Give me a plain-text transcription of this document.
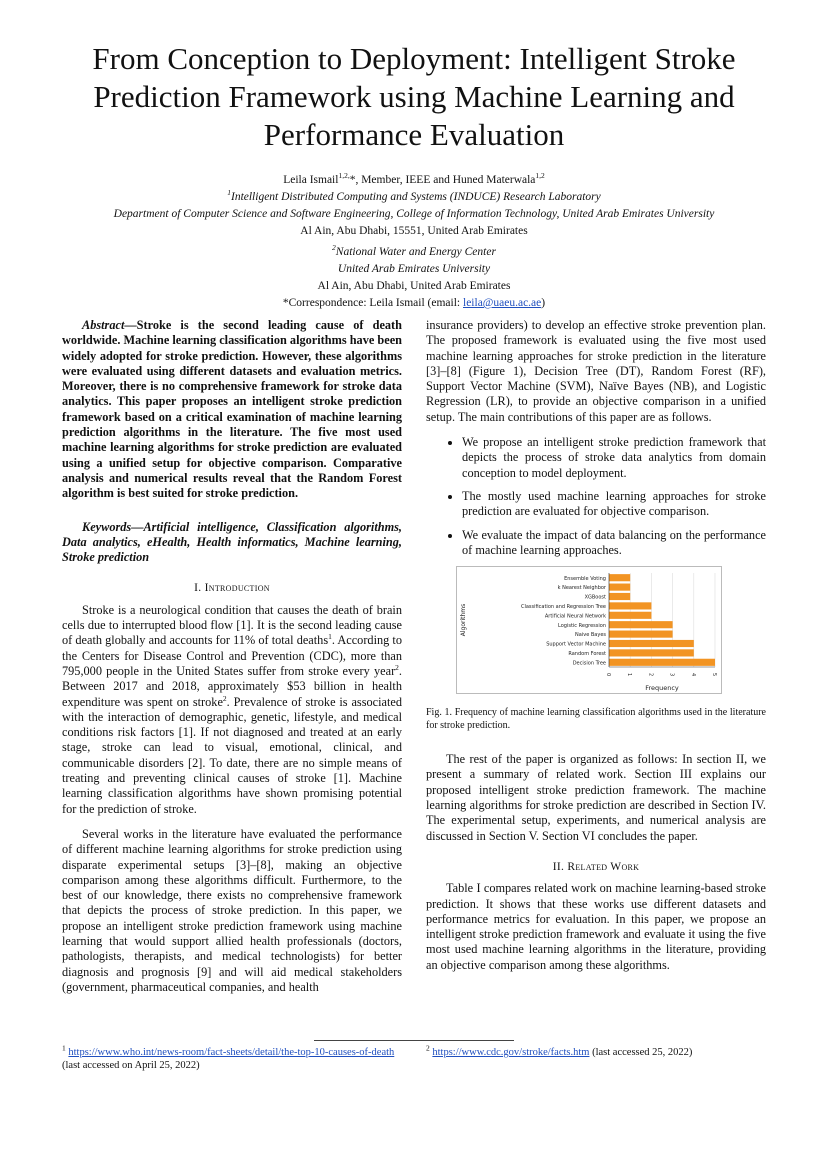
From Conception to Deployment: Intelligent Stroke Prediction Framework using Machine Learning and Performance Evaluation
Leila Ismail$^{1,2,}$*, Member, IEEE and Huned Materwala$^{1,2}$
$^1$Intelligent Distributed Computing and Systems (INDUCE) Research Laboratory
Department of Computer Science and Software Engineering, College of Information Technology, United Arab Emirates University
Al Ain, Abu Dhabi, 15551, United Arab Emirates
$^2$National Water and Energy Center
United Arab Emirates University
Al Ain, Abu Dhabi, United Arab Emirates
*Correspondence: Leila Ismail (email: leila@uaeu.ac.ae)

Abstract—Stroke is the second leading cause of death worldwide. Machine learning classification algorithms have been widely adopted for stroke prediction. However, these algorithms were evaluated using different datasets and evaluation metrics. Moreover, there is no comprehensive framework for stroke data analytics. This paper proposes an intelligent stroke prediction framework based on a critical examination of machine learning prediction algorithms in the literature. The five most used machine learning algorithms for stroke prediction are evaluated using a unified setup for objective comparison. Comparative analysis and numerical results reveal that the Random Forest algorithm is best suited for stroke prediction.

Keywords—Artificial intelligence, Classification algorithms, Data analytics, eHealth, Health informatics, Machine learning, Stroke prediction

I. Introduction

Stroke is a neurological condition that causes the death of brain cells due to interrupted blood flow [1]. It is the second leading cause of death globally and accounts for 11% of total deaths$^1$. According to the Centers for Disease Control and Prevention (CDC), more than 795,000 people in the United States suffer from stroke every year$^2$. Between 2017 and 2018, approximately $53 billion in health expenditure was spent on stroke$^2$. Prevalence of stroke is associated with the interaction of demographic, genetic, lifestyle, and medical conditions risk factors [1]. If not diagnosed and treated at an early stage, stroke can lead to visual, emotional, clinical, and communicable disorders [2]. To date, there are no simple means of treating and preventing clinical causes of stroke [1]. Machine learning classification algorithms have shown promising potential for the prediction of stroke.

Several works in the literature have evaluated the performance of different machine learning algorithms for stroke prediction using disparate experimental setups [3]–[8], making an objective comparison among these algorithms difficult. Furthermore, to the best of our knowledge, there exists no comprehensive framework that depicts the process of stroke prediction. In this paper, we propose an intelligent stroke prediction framework using machine learning that would support allied health professionals (doctors, pathologists, therapists, and medical technologists) for better diagnosis and prognosis [9] and will aid medical stakeholders (government, pharmaceutical companies, and health

insurance providers) to develop an effective stroke prevention plan. The proposed framework is evaluated using the five most used machine learning approaches for stroke prediction in the literature [3]–[8] (Figure 1), Decision Tree (DT), Random Forest (RF), Support Vector Machine (SVM), Naïve Bayes (NB), and Logistic Regression (LR), to provide an objective comparison in a unified setup. The main contributions of this paper are as follows.

• We propose an intelligent stroke prediction framework that depicts the process of stroke data analytics from domain conception to model deployment.
• The mostly used machine learning approaches for stroke prediction are evaluated for objective comparison.
• We evaluate the impact of data balancing on the performance of machine learning approaches.
Ensemble Voting
k Nearest Neighbor
XGBoost
Classification and Regression Tree
Artificial Neural Network
Logistic Regression
Naive Bayes
Support Vector Machine
Random Forest
Decision Tree
0	1	2	3	4	5
Frequency
Algorithms

Fig. 1. Frequency of machine learning classification algorithms used in the literature for stroke prediction.

The rest of the paper is organized as follows: In section II, we present a summary of related work. Section III explains our proposed intelligent stroke prediction framework. The machine learning algorithms for stroke prediction are described in Section IV. The experimental setup, experiments, and numerical analysis are discussed in Section V. Section VI concludes the paper.

II. Related Work

Table I compares related work on machine learning-based stroke prediction. It shows that these works use different datasets and performance metrics for evaluation. In this paper, we propose an intelligent stroke prediction framework and evaluate it using the five most used machine learning algorithms in the literature, providing an objective comparison among these algorithms.

$^1$ https://www.who.int/news-room/fact-sheets/detail/the-top-10-causes-of-death (last accessed on April 25, 2022)
$^2$ https://www.cdc.gov/stroke/facts.htm (last accessed 25, 2022)
